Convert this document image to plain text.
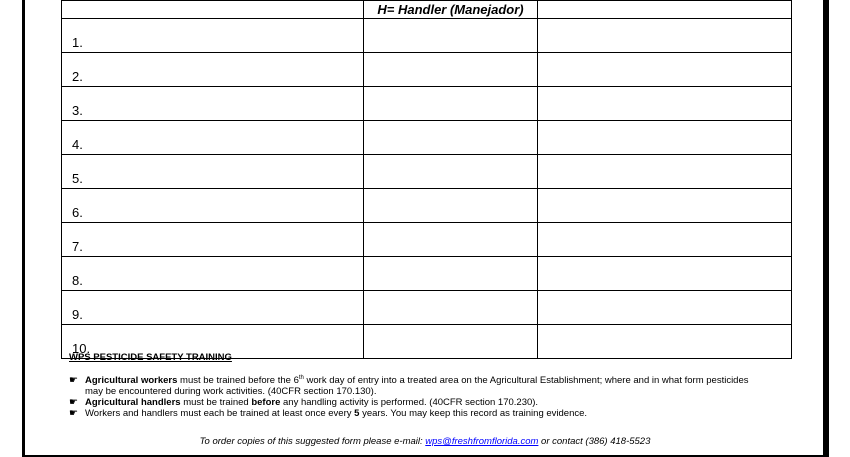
	H= Handler (Manejador)	

1.		
2.		
3.		
4.		
5.		
6.		
7.		
8.		
9.		
10.		
WPS PESTICIDE SAFETY TRAINING
☛ Agricultural workers must be trained before the 6th work day of entry into a treated area on the Agricultural Establishment; where and in what form pesticides
may be encountered during work activities. (40CFR section 170.130).
☛ Agricultural handlers must be trained before any handling activity is performed. (40CFR section 170.230).
☛ Workers and handlers must each be trained at least once every 5 years. You may keep this record as training evidence.
To order copies of this suggested form please e-mail: wps@freshfromflorida.com or contact (386) 418-5523
